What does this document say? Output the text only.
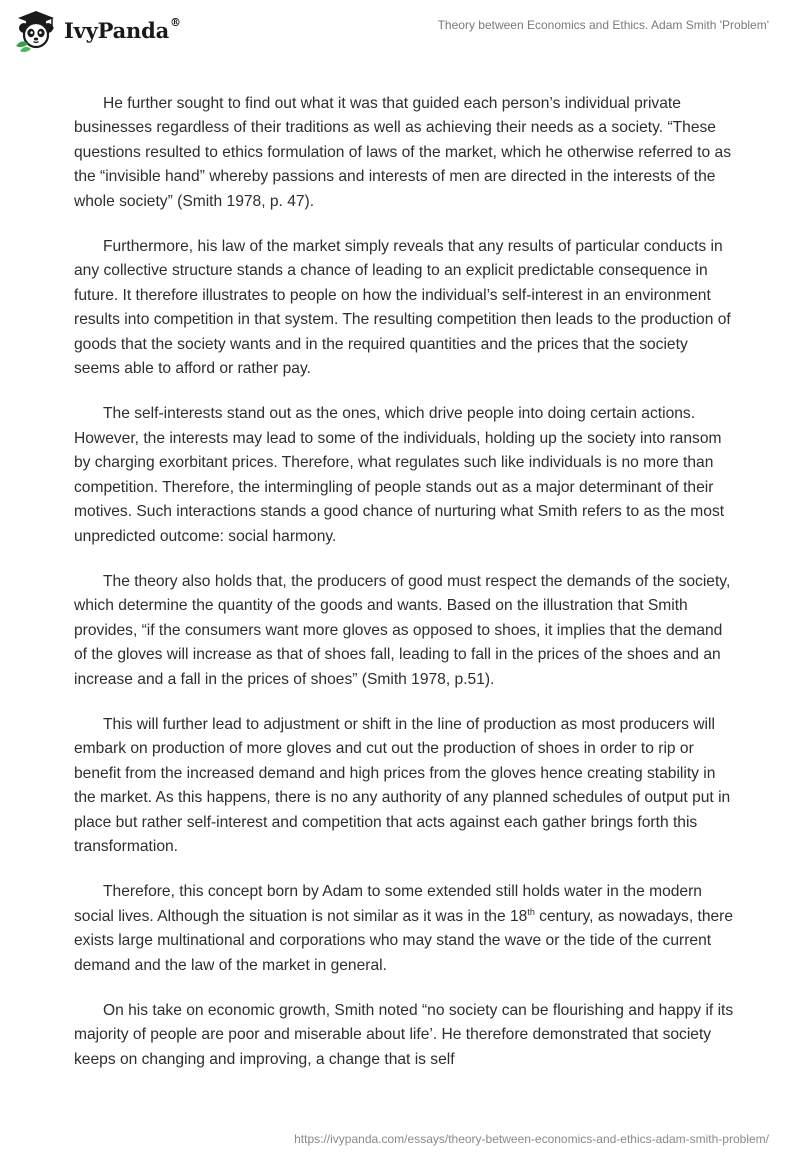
IvyPanda®	Theory between Economics and Ethics. Adam Smith 'Problem'

He further sought to find out what it was that guided each person’s individual private businesses regardless of their traditions as well as achieving their needs as a society. “These questions resulted to ethics formulation of laws of the market, which he otherwise referred to as the “invisible hand” whereby passions and interests of men are directed in the interests of the whole society” (Smith 1978, p. 47).

Furthermore, his law of the market simply reveals that any results of particular conducts in any collective structure stands a chance of leading to an explicit predictable consequence in future. It therefore illustrates to people on how the individual’s self-interest in an environment results into competition in that system. The resulting competition then leads to the production of goods that the society wants and in the required quantities and the prices that the society seems able to afford or rather pay.

The self-interests stand out as the ones, which drive people into doing certain actions. However, the interests may lead to some of the individuals, holding up the society into ransom by charging exorbitant prices. Therefore, what regulates such like individuals is no more than competition. Therefore, the intermingling of people stands out as a major determinant of their motives. Such interactions stands a good chance of nurturing what Smith refers to as the most unpredicted outcome: social harmony.

The theory also holds that, the producers of good must respect the demands of the society, which determine the quantity of the goods and wants. Based on the illustration that Smith provides, “if the consumers want more gloves as opposed to shoes, it implies that the demand of the gloves will increase as that of shoes fall, leading to fall in the prices of the shoes and an increase and a fall in the prices of shoes” (Smith 1978, p.51).

This will further lead to adjustment or shift in the line of production as most producers will embark on production of more gloves and cut out the production of shoes in order to rip or benefit from the increased demand and high prices from the gloves hence creating stability in the market. As this happens, there is no any authority of any planned schedules of output put in place but rather self-interest and competition that acts against each gather brings forth this transformation.

Therefore, this concept born by Adam to some extended still holds water in the modern social lives. Although the situation is not similar as it was in the 18th century, as nowadays, there exists large multinational and corporations who may stand the wave or the tide of the current demand and the law of the market in general.

On his take on economic growth, Smith noted “no society can be flourishing and happy if its majority of people are poor and miserable about life’. He therefore demonstrated that society keeps on changing and improving, a change that is self

https://ivypanda.com/essays/theory-between-economics-and-ethics-adam-smith-problem/
